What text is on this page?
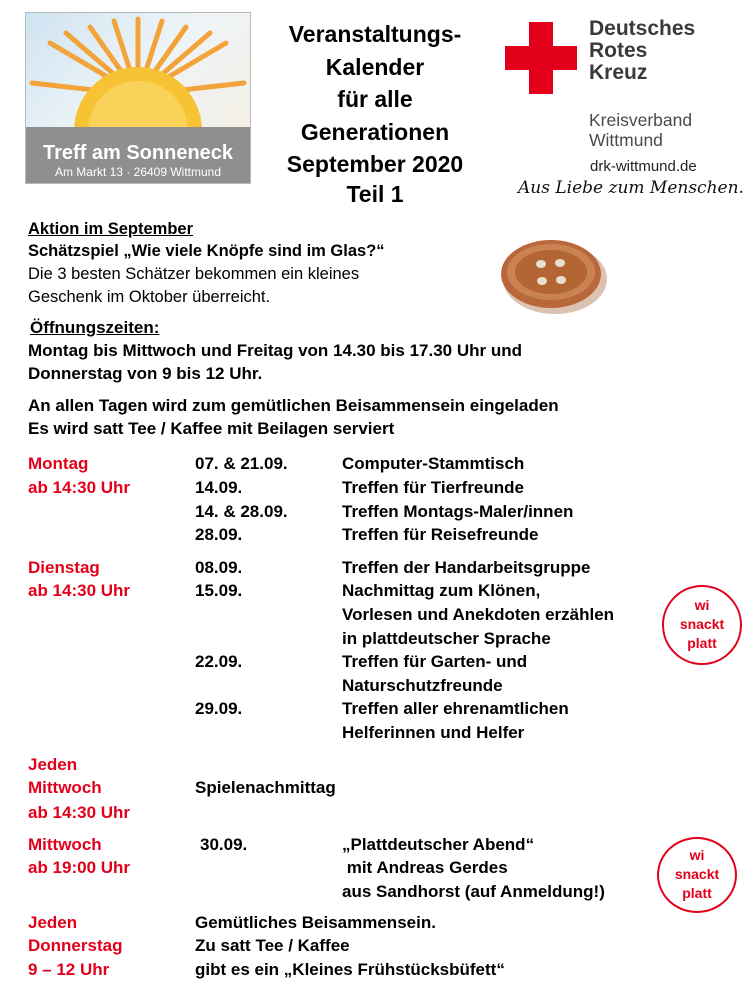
Treff am Sonneneck
Am Markt 13 · 26409 Wittmund
Veranstaltungs-
Kalender
für alle
Generationen
September 2020
Teil 1
Deutsches
Rotes
Kreuz
Kreisverband
Wittmund
drk-wittmund.de
Aus Liebe zum Menschen.
Aktion im September
Schätzspiel „Wie viele Knöpfe sind im Glas?“
Die 3 besten Schätzer bekommen ein kleines
Geschenk im Oktober überreicht.
Öffnungszeiten:
Montag bis Mittwoch und Freitag von 14.30 bis 17.30 Uhr und
Donnerstag von 9 bis 12 Uhr.
An allen Tagen wird zum gemütlichen Beisammensein eingeladen
Es wird satt Tee / Kaffee mit Beilagen serviert
Montag
ab 14:30 Uhr
07. & 21.09.
14.09.
14. & 28.09.
28.09.
Computer-Stammtisch
Treffen für Tierfreunde
Treffen Montags-Maler/innen
Treffen für Reisefreunde
Dienstag
ab 14:30 Uhr
08.09.
15.09.
22.09.
29.09.
Treffen der Handarbeitsgruppe
Nachmittag zum Klönen,
Vorlesen und Anekdoten erzählen
in plattdeutscher Sprache
Treffen für Garten- und
Naturschutzfreunde
Treffen aller ehrenamtlichen
Helferinnen und Helfer
wi
snackt
platt
Jeden
Mittwoch
ab 14:30 Uhr
Spielenachmittag
Mittwoch
ab 19:00 Uhr
30.09.	„Plattdeutscher Abend“
mit Andreas Gerdes
aus Sandhorst (auf Anmeldung!)
wi
snackt
platt
Jeden
Donnerstag
9 – 12 Uhr
Gemütliches Beisammensein.
Zu satt Tee / Kaffee
gibt es ein „Kleines Frühstücksbüfett“
